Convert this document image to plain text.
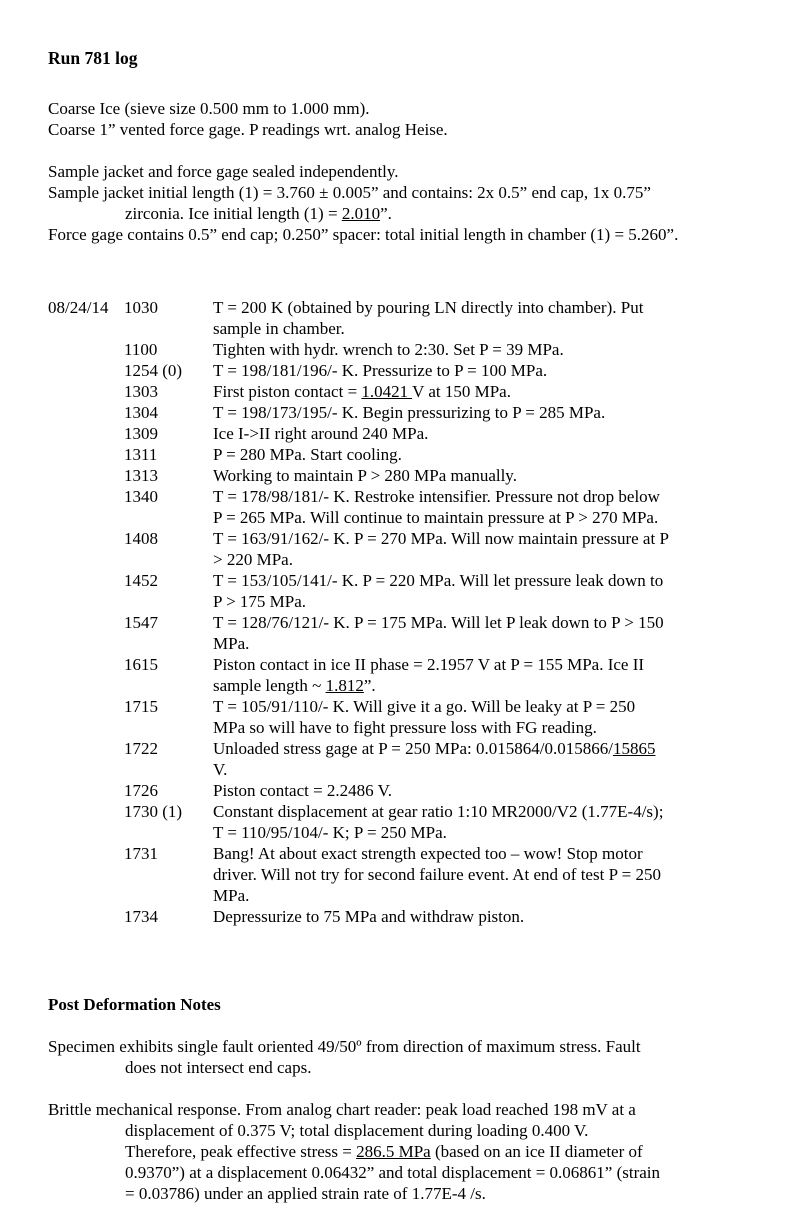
Run 781 log

Coarse Ice (sieve size 0.500 mm to 1.000 mm).

Coarse 1” vented force gage. P readings wrt. analog Heise.

Sample jacket and force gage sealed independently.

Sample jacket initial length (1) = 3.760 ± 0.005” and contains: 2x 0.5” end cap, 1x 0.75”

zirconia. Ice initial length (1) = 2.010”.

Force gage contains 0.5” end cap; 0.250” spacer: total initial length in chamber (1) = 5.260”.

08/24/14 1030	T = 200 K (obtained by pouring LN directly into chamber). Put
sample in chamber.
1100	Tighten with hydr. wrench to 2:30. Set P = 39 MPa.
1254 (0)	T = 198/181/196/- K. Pressurize to P = 100 MPa.
1303	First piston contact = 1.0421 V at 150 MPa.
1304	T = 198/173/195/- K. Begin pressurizing to P = 285 MPa.
1309	Ice I->II right around 240 MPa.
1311	P = 280 MPa. Start cooling.
1313	Working to maintain P > 280 MPa manually.
1340	T = 178/98/181/- K. Restroke intensifier. Pressure not drop below
P = 265 MPa. Will continue to maintain pressure at P > 270 MPa.
1408	T = 163/91/162/- K. P = 270 MPa. Will now maintain pressure at P
> 220 MPa.
1452	T = 153/105/141/- K. P = 220 MPa. Will let pressure leak down to
P > 175 MPa.
1547	T = 128/76/121/- K. P = 175 MPa. Will let P leak down to P > 150
MPa.
1615	Piston contact in ice II phase = 2.1957 V at P = 155 MPa. Ice II
sample length ~ 1.812”.
1715	T = 105/91/110/- K. Will give it a go. Will be leaky at P = 250
MPa so will have to fight pressure loss with FG reading.
1722	Unloaded stress gage at P = 250 MPa: 0.015864/0.015866/15865
V.
1726	Piston contact = 2.2486 V.
1730 (1)	Constant displacement at gear ratio 1:10 MR2000/V2 (1.77E-4/s);
T = 110/95/104/- K; P = 250 MPa.
1731	Bang! At about exact strength expected too – wow! Stop motor
driver. Will not try for second failure event. At end of test P = 250
MPa.
1734	Depressurize to 75 MPa and withdraw piston.

Post Deformation Notes

Specimen exhibits single fault oriented 49/50º from direction of maximum stress. Fault

does not intersect end caps.

Brittle mechanical response. From analog chart reader: peak load reached 198 mV at a

displacement of 0.375 V; total displacement during loading 0.400 V.

Therefore, peak effective stress = 286.5 MPa (based on an ice II diameter of

0.9370”) at a displacement 0.06432” and total displacement = 0.06861” (strain

= 0.03786) under an applied strain rate of 1.77E-4 /s.
